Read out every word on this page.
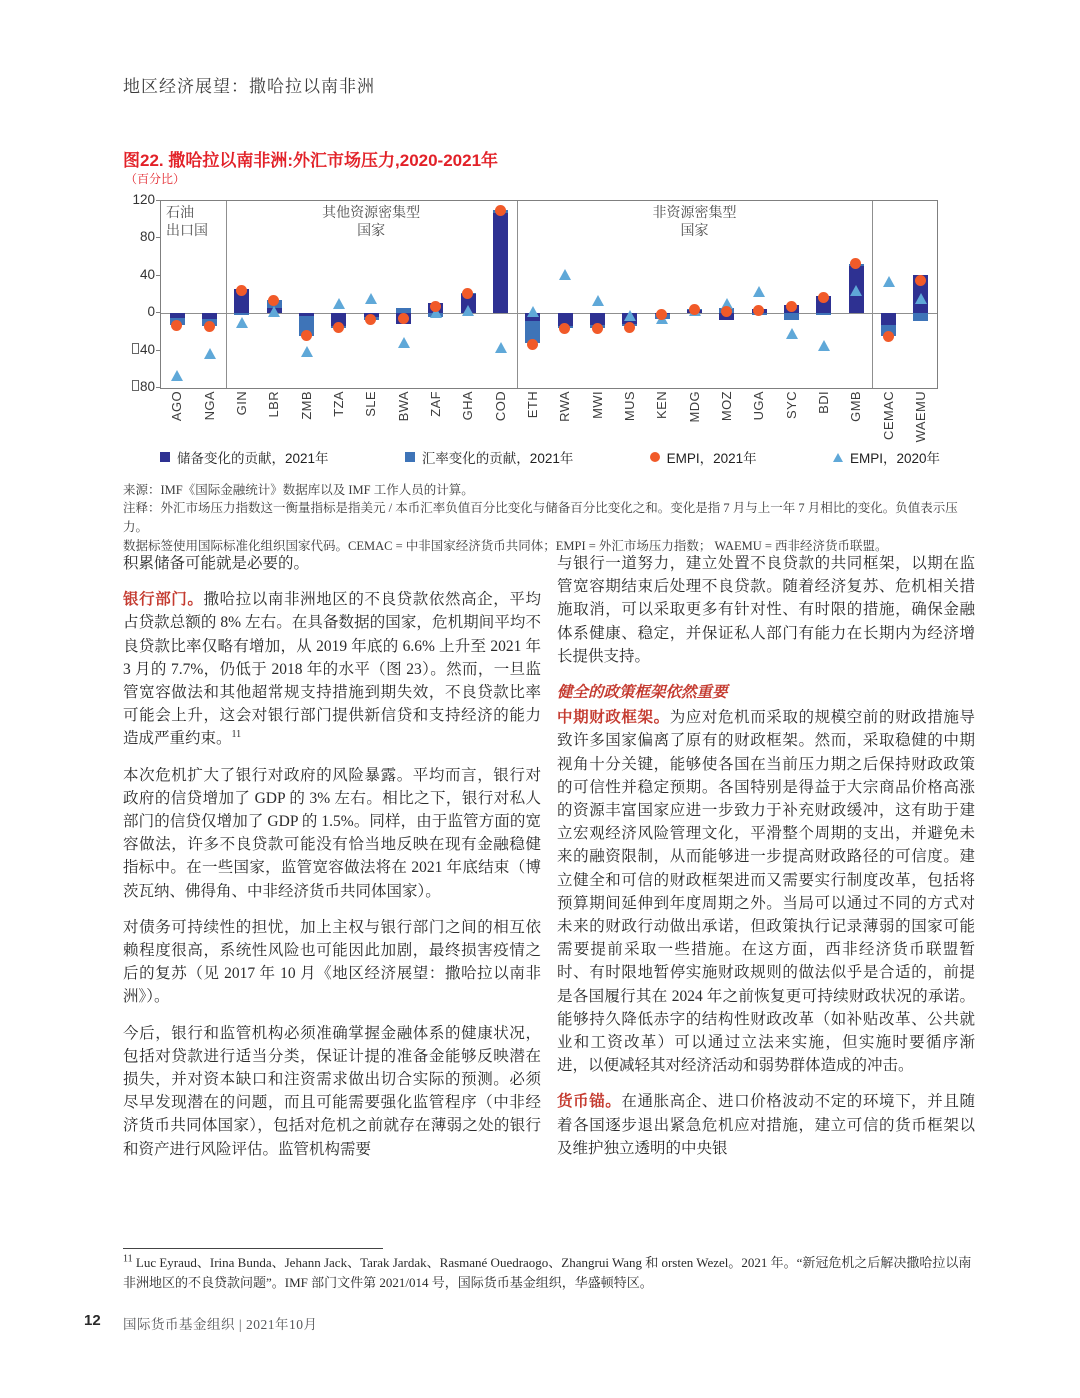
地区经济展望：撒哈拉以南非洲
图22. 撒哈拉以南非洲:外汇市场压力,2020-2021年
（百分比）
石油
出口国
其他资源密集型
国家
非资源密集型
国家
120
80
40
0
40
80
AGO NGA GIN LBR ZMB TZA SLE BWA ZAF GHA COD ETH RWA MWI MUS KEN MDG MOZ UGA SYC BDI GMB CEMAC WAEMU
储备变化的贡献，2021年	汇率变化的贡献，2021年	EMPI，2021年	EMPI，2020年
来源：IMF《国际金融统计》数据库以及 IMF 工作人员的计算。
注释：外汇市场压力指数这一衡量指标是指美元 / 本币汇率负值百分比变化与储备百分比变化之和。变化是指 7 月与上一年 7 月相比的变化。负值表示压力。
数据标签使用国际标准化组织国家代码。CEMAC = 中非国家经济货币共同体；EMPI = 外汇市场压力指数； WAEMU = 西非经济货币联盟。

积累储备可能就是必要的。

银行部门。撒哈拉以南非洲地区的不良贷款依然高企，平均占贷款总额的 8% 左右。在具备数据的国家，危机期间平均不良贷款比率仅略有增加，从 2019 年底的 6.6% 上升至 2021 年 3 月的 7.7%，仍低于 2018 年的水平（图 23）。然而，一旦监管宽容做法和其他超常规支持措施到期失效，不良贷款比率可能会上升，这会对银行部门提供新信贷和支持经济的能力造成严重约束。$^{11}$

本次危机扩大了银行对政府的风险暴露。平均而言，银行对政府的信贷增加了 GDP 的 3% 左右。相比之下，银行对私人部门的信贷仅增加了 GDP 的 1.5%。同样，由于监管方面的宽容做法，许多不良贷款可能没有恰当地反映在现有金融稳健指标中。在一些国家，监管宽容做法将在 2021 年底结束（博茨瓦纳、佛得角、中非经济货币共同体国家）。

对债务可持续性的担忧，加上主权与银行部门之间的相互依赖程度很高，系统性风险也可能因此加剧，最终损害疫情之后的复苏（见 2017 年 10 月《地区经济展望：撒哈拉以南非洲》）。

今后，银行和监管机构必须准确掌握金融体系的健康状况，包括对贷款进行适当分类，保证计提的准备金能够反映潜在损失，并对资本缺口和注资需求做出切合实际的预测。必须尽早发现潜在的问题，而且可能需要强化监管程序（中非经济货币共同体国家），包括对危机之前就存在薄弱之处的银行和资产进行风险评估。监管机构需要

与银行一道努力，建立处置不良贷款的共同框架，以期在监管宽容期结束后处理不良贷款。随着经济复苏、危机相关措施取消，可以采取更多有针对性、有时限的措施，确保金融体系健康、稳定，并保证私人部门有能力在长期内为经济增长提供支持。

健全的政策框架依然重要

中期财政框架。为应对危机而采取的规模空前的财政措施导致许多国家偏离了原有的财政框架。然而，采取稳健的中期视角十分关键，能够使各国在当前压力期之后保持财政政策的可信性并稳定预期。各国特别是得益于大宗商品价格高涨的资源丰富国家应进一步致力于补充财政缓冲，这有助于建立宏观经济风险管理文化，平滑整个周期的支出，并避免未来的融资限制，从而能够进一步提高财政路径的可信度。建立健全和可信的财政框架进而又需要实行制度改革，包括将预算期间延伸到年度周期之外。当局可以通过不同的方式对未来的财政行动做出承诺，但政策执行记录薄弱的国家可能需要提前采取一些措施。在这方面，西非经济货币联盟暂时、有时限地暂停实施财政规则的做法似乎是合适的，前提是各国履行其在 2024 年之前恢复更可持续财政状况的承诺。能够持久降低赤字的结构性财政改革（如补贴改革、公共就业和工资改革）可以通过立法来实施，但实施时要循序渐进，以便减轻其对经济活动和弱势群体造成的冲击。

货币锚。在通胀高企、进口价格波动不定的环境下，并且随着各国逐步退出紧急危机应对措施，建立可信的货币框架以及维护独立透明的中央银

$^{11}$ Luc Eyraud、Irina Bunda、Jehann Jack、Tarak Jardak、Rasmané Ouedraogo、Zhangrui Wang 和 orsten Wezel。2021 年。“新冠危机之后解决撒哈拉以南非洲地区的不良贷款问题”。IMF 部门文件第 2021/014 号，国际货币基金组织，华盛顿特区。
12 国际货币基金组织 | 2021年10月
